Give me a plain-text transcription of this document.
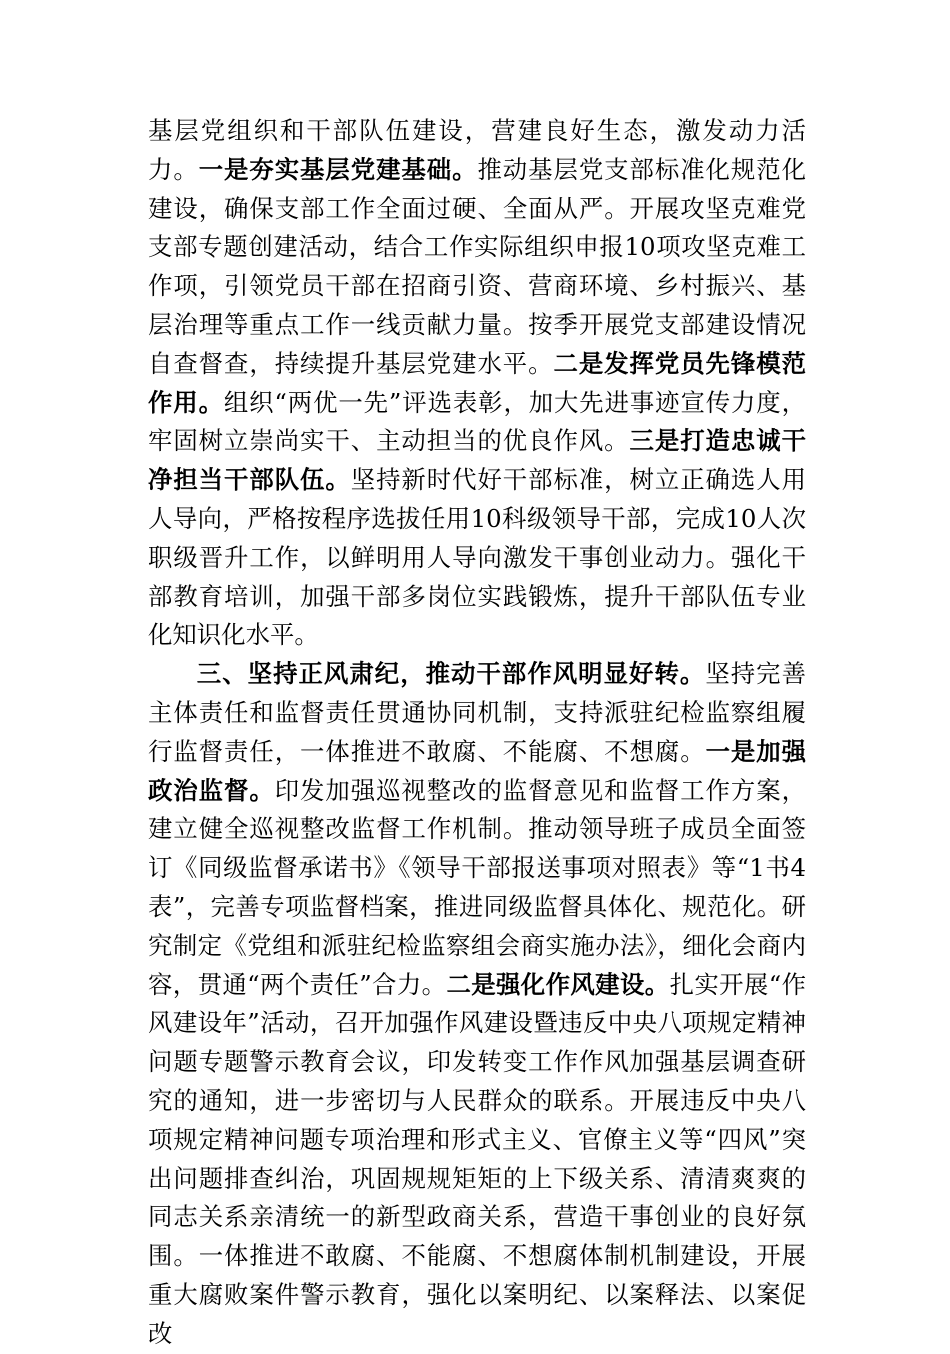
基层党组织和干部队伍建设，营建良好生态，激发动力活力。一是夯实基层党建基础。推动基层党支部标准化规范化建设，确保支部工作全面过硬、全面从严。开展攻坚克难党支部专题创建活动，结合工作实际组织申报10项攻坚克难工作项，引领党员干部在招商引资、营商环境、乡村振兴、基层治理等重点工作一线贡献力量。按季开展党支部建设情况自查督查，持续提升基层党建水平。二是发挥党员先锋模范作用。组织“两优一先”评选表彰，加大先进事迹宣传力度，牢固树立崇尚实干、主动担当的优良作风。三是打造忠诚干净担当干部队伍。坚持新时代好干部标准，树立正确选人用人导向，严格按程序选拔任用10科级领导干部，完成10人次职级晋升工作，以鲜明用人导向激发干事创业动力。强化干部教育培训，加强干部多岗位实践锻炼，提升干部队伍专业化知识化水平。

三、坚持正风肃纪，推动干部作风明显好转。坚持完善主体责任和监督责任贯通协同机制，支持派驻纪检监察组履行监督责任，一体推进不敢腐、不能腐、不想腐。一是加强政治监督。印发加强巡视整改的监督意见和监督工作方案，建立健全巡视整改监督工作机制。推动领导班子成员全面签订《同级监督承诺书》《领导干部报送事项对照表》等“1书4表”，完善专项监督档案，推进同级监督具体化、规范化。研究制定《党组和派驻纪检监察组会商实施办法》，细化会商内容，贯通“两个责任”合力。二是强化作风建设。扎实开展“作风建设年”活动，召开加强作风建设暨违反中央八项规定精神问题专题警示教育会议，印发转变工作作风加强基层调查研究的通知，进一步密切与人民群众的联系。开展违反中央八项规定精神问题专项治理和形式主义、官僚主义等“四风”突出问题排查纠治，巩固规规矩矩的上下级关系、清清爽爽的同志关系亲清统一的新型政商关系，营造干事创业的良好氛围。一体推进不敢腐、不能腐、不想腐体制机制建设，开展重大腐败案件警示教育，强化以案明纪、以案释法、以案促改
